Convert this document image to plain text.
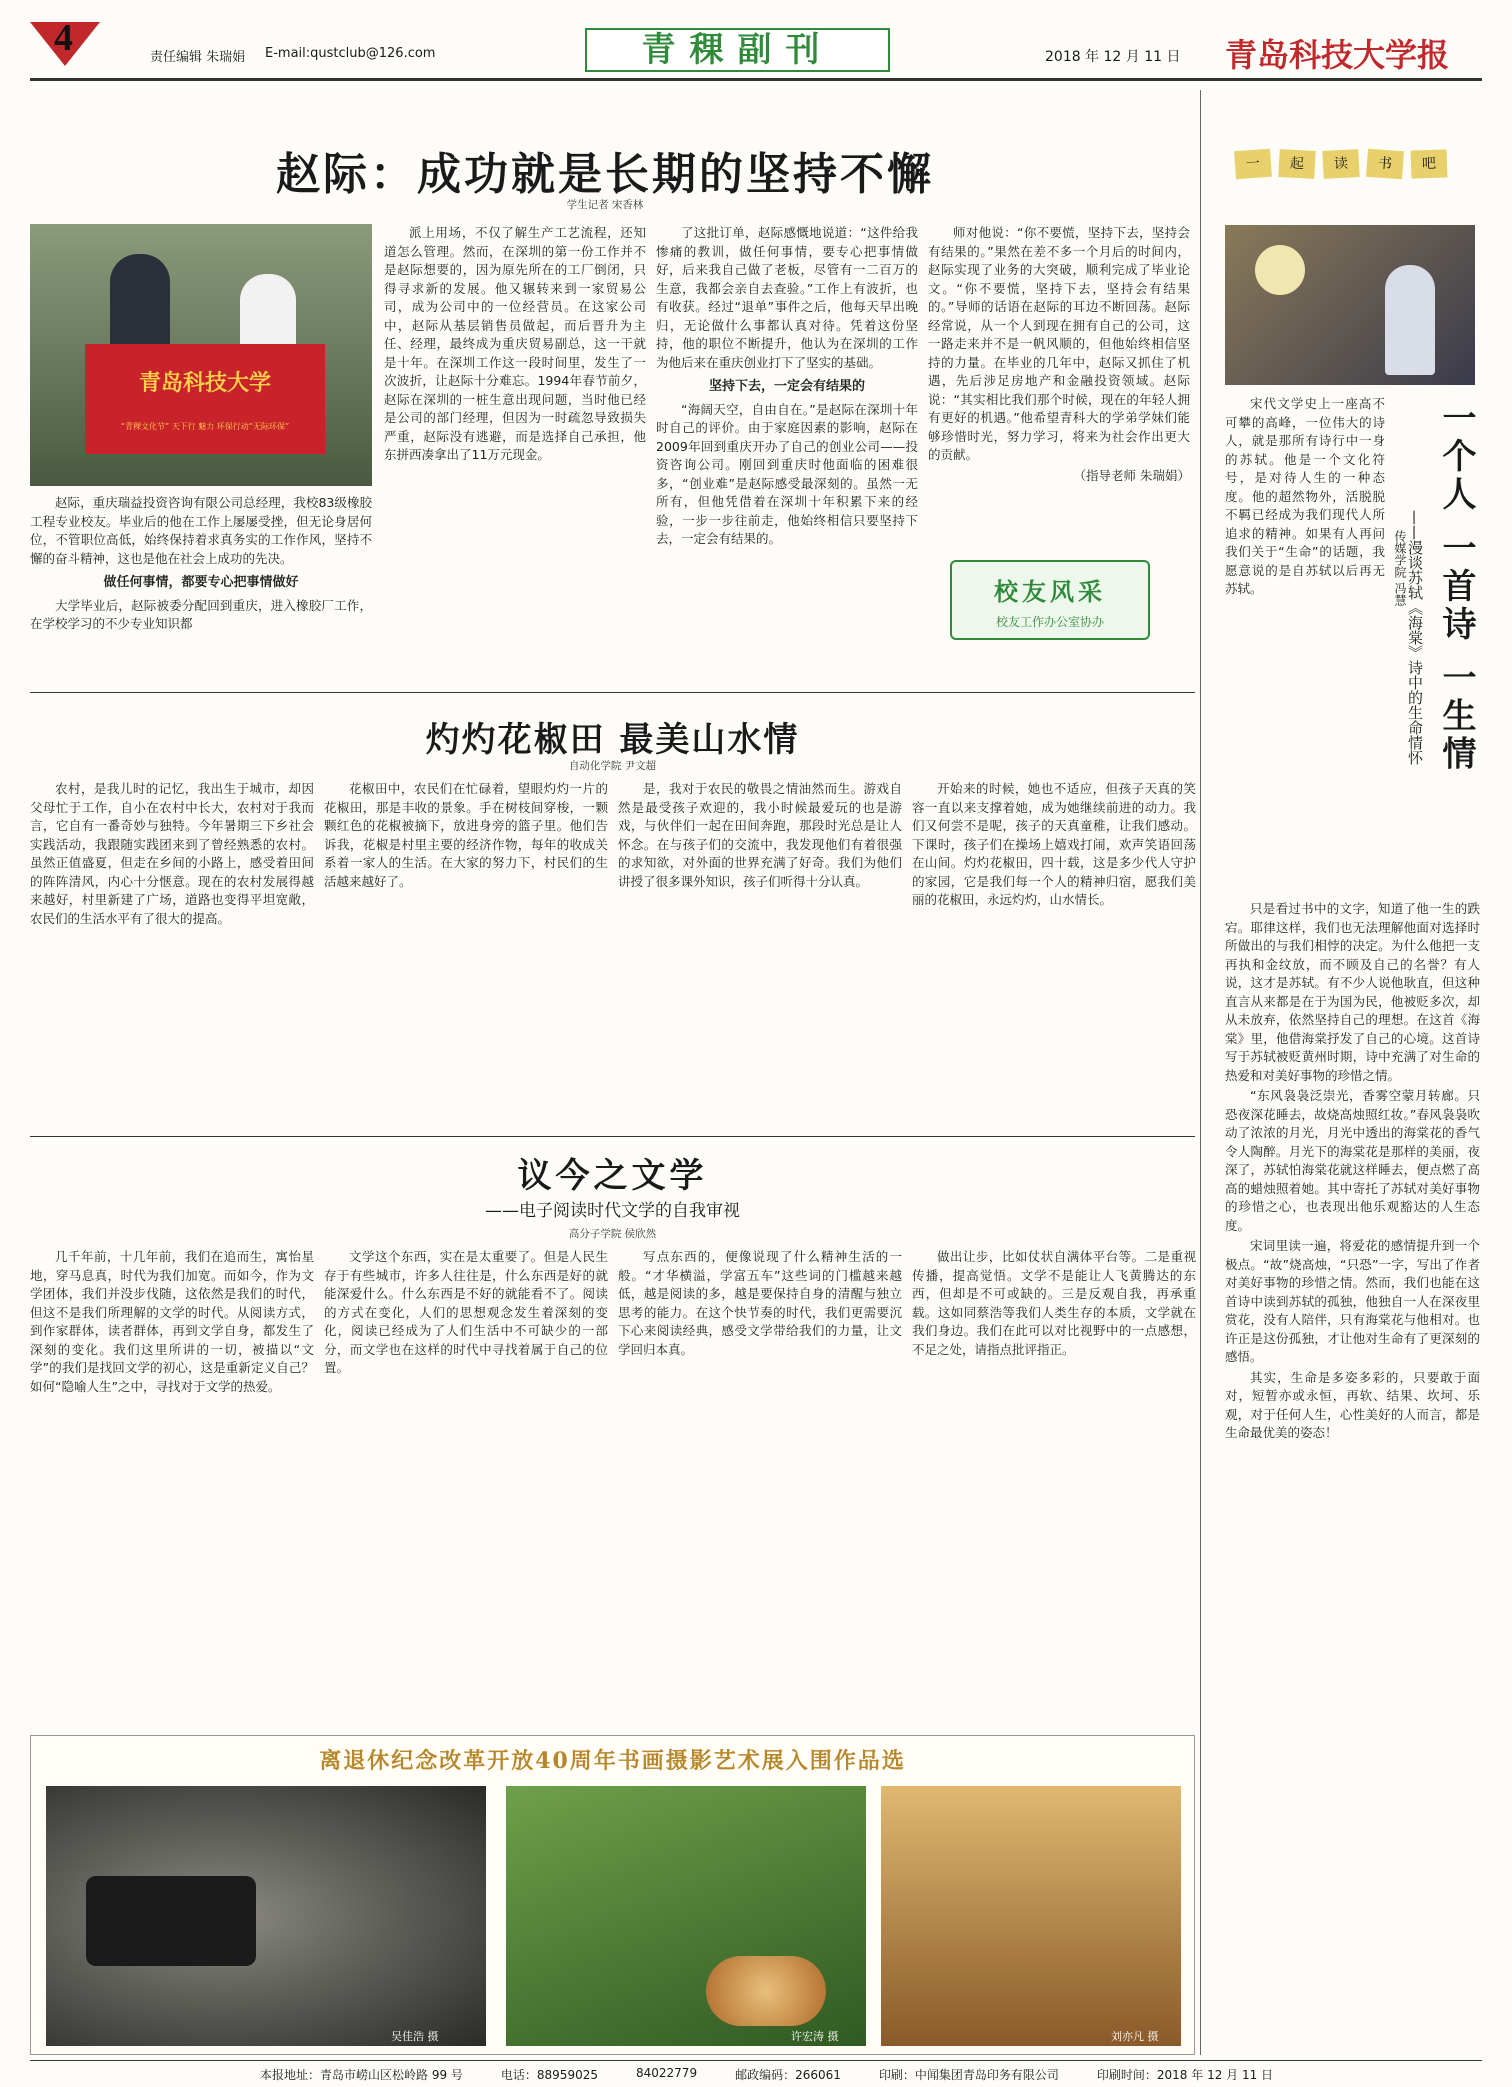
4	责任编辑 朱瑞娟 E-mail:qustclub@126.com	青稞副刊	2018 年 12 月 11 日 青岛科技大学报
赵际：成功就是长期的坚持不懈
学生记者 宋香林
青岛科技大学
“青稞文化节” 天下行 魅力 环保行动“无际环保”

赵际，重庆瑞益投资咨询有限公司总经理，我校83级橡胶工程专业校友。毕业后的他在工作上屡屡受挫，但无论身居何位，不管职位高低，始终保持着求真务实的工作作风，坚持不懈的奋斗精神，这也是他在社会上成功的先决。

做任何事情，都要专心把事情做好

大学毕业后，赵际被委分配回到重庆，进入橡胶厂工作，在学校学习的不少专业知识都

派上用场，不仅了解生产工艺流程，还知道怎么管理。然而，在深圳的第一份工作并不是赵际想要的，因为原先所在的工厂倒闭，只得寻求新的发展。他又辗转来到一家贸易公司，成为公司中的一位经营员。在这家公司中，赵际从基层销售员做起，而后晋升为主任、经理，最终成为重庆贸易副总，这一干就是十年。在深圳工作这一段时间里，发生了一次波折，让赵际十分难忘。1994年春节前夕，赵际在深圳的一桩生意出现问题，当时他已经是公司的部门经理，但因为一时疏忽导致损失严重，赵际没有逃避，而是选择自己承担，他东拼西凑拿出了11万元现金。

了这批订单，赵际感慨地说道：“这件给我惨痛的教训，做任何事情，要专心把事情做好，后来我自己做了老板，尽管有一二百万的生意，我都会亲自去查验。”工作上有波折，也有收获。经过“退单”事件之后，他每天早出晚归，无论做什么事都认真对待。凭着这份坚持，他的职位不断提升，他认为在深圳的工作为他后来在重庆创业打下了坚实的基础。

坚持下去，一定会有结果的

“海阔天空，自由自在。”是赵际在深圳十年时自己的评价。由于家庭因素的影响，赵际在2009年回到重庆开办了自己的创业公司——投资咨询公司。刚回到重庆时他面临的困难很多，“创业难”是赵际感受最深刻的。虽然一无所有，但他凭借着在深圳十年积累下来的经验，一步一步往前走，他始终相信只要坚持下去，一定会有结果的。

师对他说：“你不要慌，坚持下去，坚持会有结果的。”果然在差不多一个月后的时间内，赵际实现了业务的大突破，顺利完成了毕业论文。“你不要慌，坚持下去，坚持会有结果的。”导师的话语在赵际的耳边不断回荡。赵际经常说，从一个人到现在拥有自己的公司，这一路走来并不是一帆风顺的，但他始终相信坚持的力量。在毕业的几年中，赵际又抓住了机遇，先后涉足房地产和金融投资领域。赵际说：“其实相比我们那个时候，现在的年轻人拥有更好的机遇。”他希望青科大的学弟学妹们能够珍惜时光，努力学习，将来为社会作出更大的贡献。

（指导老师 朱瑞娟）

校友风采
校友工作办公室协办
灼灼花椒田 最美山水情
自动化学院 尹文超

农村，是我儿时的记忆，我出生于城市，却因父母忙于工作，自小在农村中长大，农村对于我而言，它自有一番奇妙与独特。今年暑期三下乡社会实践活动，我跟随实践团来到了曾经熟悉的农村。虽然正值盛夏，但走在乡间的小路上，感受着田间的阵阵清风，内心十分惬意。现在的农村发展得越来越好，村里新建了广场，道路也变得平坦宽敞，农民们的生活水平有了很大的提高。

花椒田中，农民们在忙碌着，望眼灼灼一片的花椒田，那是丰收的景象。手在树枝间穿梭，一颗颗红色的花椒被摘下，放进身旁的篮子里。他们告诉我，花椒是村里主要的经济作物，每年的收成关系着一家人的生活。在大家的努力下，村民们的生活越来越好了。

是，我对于农民的敬畏之情油然而生。游戏自然是最受孩子欢迎的，我小时候最爱玩的也是游戏，与伙伴们一起在田间奔跑，那段时光总是让人怀念。在与孩子们的交流中，我发现他们有着很强的求知欲，对外面的世界充满了好奇。我们为他们讲授了很多课外知识，孩子们听得十分认真。

开始来的时候，她也不适应，但孩子天真的笑容一直以来支撑着她，成为她继续前进的动力。我们又何尝不是呢，孩子的天真童稚，让我们感动。下课时，孩子们在操场上嬉戏打闹，欢声笑语回荡在山间。灼灼花椒田，四十载，这是多少代人守护的家园，它是我们每一个人的精神归宿，愿我们美丽的花椒田，永远灼灼，山水情长。

议今之文学
——电子阅读时代文学的自我审视
高分子学院 侯欣然

几千年前，十几年前，我们在追而生，寓怡星地，穿马息真，时代为我们加宽。而如今，作为文学团体，我们并没步伐随，这依然是我们的时代，但这不是我们所理解的文学的时代。从阅读方式，到作家群体，读者群体，再到文学自身，都发生了深刻的变化。我们这里所讲的一切，被描以“文学”的我们是找回文学的初心，这是重新定义自己？如何“隐喻人生”之中，寻找对于文学的热爱。

文学这个东西，实在是太重要了。但是人民生存于有些城市，许多人往往是，什么东西是好的就能深爱什么。什么东西是不好的就能看不了。阅读的方式在变化，人们的思想观念发生着深刻的变化，阅读已经成为了人们生活中不可缺少的一部分，而文学也在这样的时代中寻找着属于自己的位置。

写点东西的，便像说现了什么精神生活的一般。“才华横溢，学富五车”这些词的门槛越来越低，越是阅读的多，越是要保持自身的清醒与独立思考的能力。在这个快节奏的时代，我们更需要沉下心来阅读经典，感受文学带给我们的力量，让文学回归本真。

做出让步，比如仗状自满体平台等。二是重视传播，提高觉悟。文学不是能让人飞黄腾达的东西，但却是不可或缺的。三是反观自我，再承重载。这如同蔡浩等我们人类生存的本质，文学就在我们身边。我们在此可以对比视野中的一点感想，不足之处，请指点批评指正。

离退休纪念改革开放40周年书画摄影艺术展入围作品选
吴佳浩 摄	许宏涛 摄	刘亦凡 摄
一	起	读	书	吧

宋代文学史上一座高不可攀的高峰，一位伟大的诗人，就是那所有诗行中一身的苏轼。他是一个文化符号，是对待人生的一种态度。他的超然物外，活脱脱不羁已经成为我们现代人所追求的精神。如果有人再问我们关于“生命”的话题，我愿意说的是自苏轼以后再无苏轼。	传媒学院 冯慧 一个人 一首诗 一生情
——漫谈苏轼《海棠》诗中的生命情怀

只是看过书中的文字，知道了他一生的跌宕。耶律这样，我们也无法理解他面对选择时所做出的与我们相悖的决定。为什么他把一支再执和金纹放，而不顾及自己的名誉？有人说，这才是苏轼。有不少人说他耿直，但这种直言从来都是在于为国为民，他被贬多次，却从未放弃，依然坚持自己的理想。在这首《海棠》里，他借海棠抒发了自己的心境。这首诗写于苏轼被贬黄州时期，诗中充满了对生命的热爱和对美好事物的珍惜之情。

“东风袅袅泛崇光，香雾空蒙月转廊。只恐夜深花睡去，故烧高烛照红妆。”春风袅袅吹动了浓浓的月光，月光中透出的海棠花的香气令人陶醉。月光下的海棠花是那样的美丽，夜深了，苏轼怕海棠花就这样睡去，便点燃了高高的蜡烛照着她。其中寄托了苏轼对美好事物的珍惜之心，也表现出他乐观豁达的人生态度。

宋词里读一遍，将爱花的感情提升到一个极点。“故”烧高烛，“只恐”一字，写出了作者对美好事物的珍惜之情。然而，我们也能在这首诗中读到苏轼的孤独，他独自一人在深夜里赏花，没有人陪伴，只有海棠花与他相对。也许正是这份孤独，才让他对生命有了更深刻的感悟。

其实，生命是多姿多彩的，只要敢于面对，短暂亦或永恒，再软、结果、坎坷、乐观，对于任何人生，心性美好的人而言，都是生命最优美的姿态！

本报地址：青岛市崂山区松岭路 99 号	电话：88959025	84022779	邮政编码：266061	印刷：中闻集团青岛印务有限公司	印刷时间：2018 年 12 月 11 日
